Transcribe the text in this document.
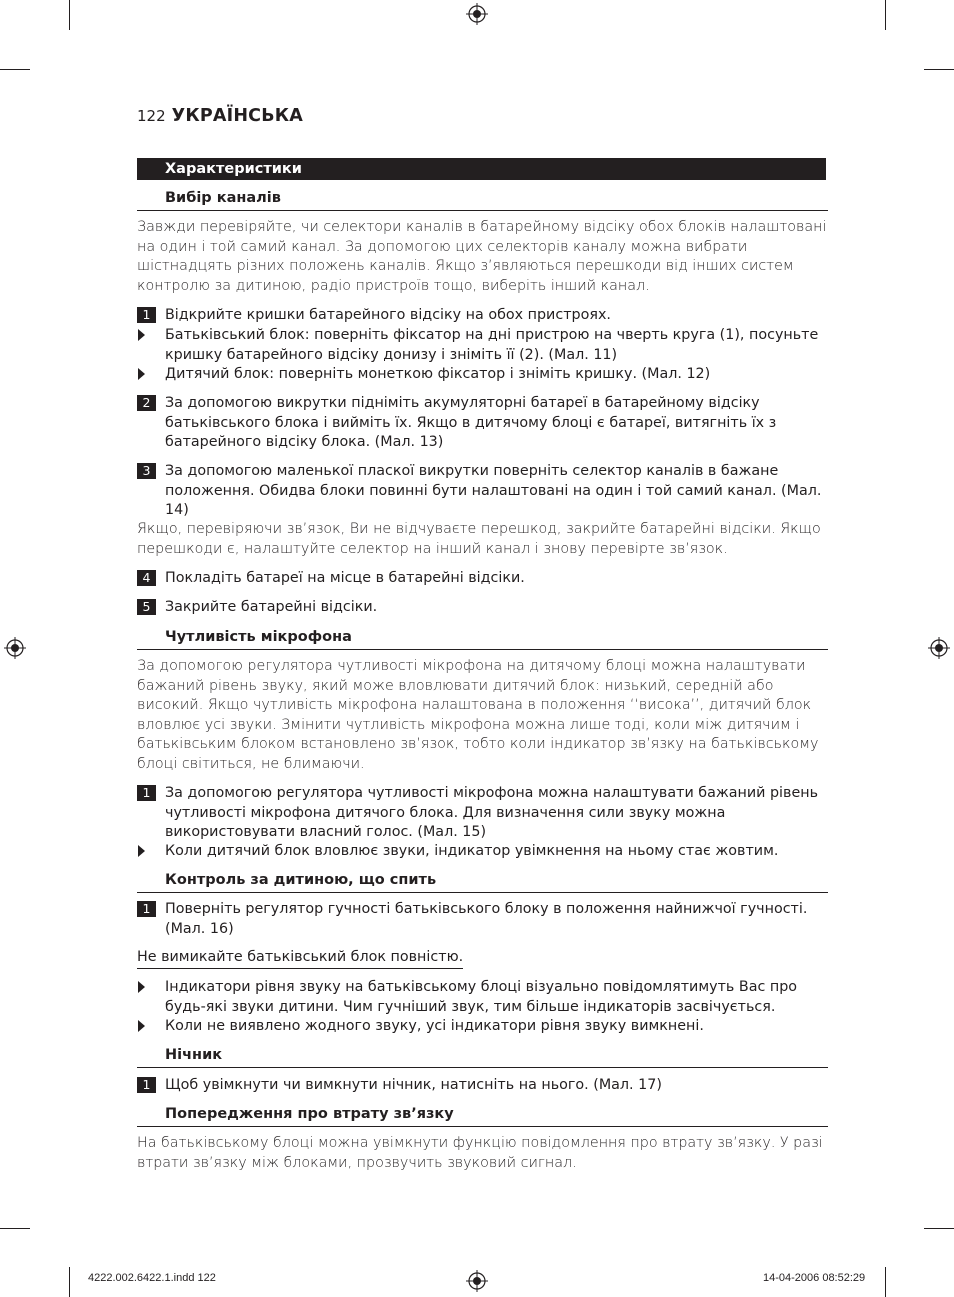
122 УКРАЇНСЬКА
Характеристики
Вибір каналів
Завжди перевіряйте, чи селектори каналів в батарейному відсіку обох блоків налаштовані на один і той самий канал. За допомогою цих селекторів каналу можна вибрати шістнадцять різних положень каналів. Якщо з’являються перешкоди від інших систем контролю за дитиною, радіо пристроїв тощо, виберіть інший канал.
1	Відкрийте кришки батарейного відсіку на обох пристроях.
Батьківський блок: поверніть фіксатор на дні пристрою на чверть круга (1), посуньте кришку батарейного відсіку донизу і зніміть її (2). (Мал. 11)
Дитячий блок: поверніть монеткою фіксатор і зніміть кришку. (Мал. 12)
2	За допомогою викрутки підніміть акумуляторні батареї в батарейному відсіку батьківського блока і вийміть їх. Якщо в дитячому блоці є батареї, витягніть їх з батарейного відсіку блока. (Мал. 13)
3	За допомогою маленької пласкої викрутки поверніть селектор каналів в бажане положення. Обидва блоки повинні бути налаштовані на один і той самий канал. (Мал. 14)
Якщо, перевіряючи зв’язок, Ви не відчуваєте перешкод, закрийте батарейні відсіки. Якщо перешкоди є, налаштуйте селектор на інший канал і знову перевірте зв’язок.
4	Покладіть батареї на місце в батарейні відсіки.
5	Закрийте батарейні відсіки.
Чутливість мікрофона
За допомогою регулятора чутливості мікрофона на дитячому блоці можна налаштувати бажаний рівень звуку, який може вловлювати дитячий блок: низький, середній або високий. Якщо чутливість мікрофона налаштована в положення ‘‘висока’’, дитячий блок вловлює усі звуки. Змінити чутливість мікрофона можна лише тоді, коли між дитячим і батьківським блоком встановлено зв’язок, тобто коли індикатор зв’язку на батьківському блоці світиться, не блимаючи.
1	За допомогою регулятора чутливості мікрофона можна налаштувати бажаний рівень чутливості мікрофона дитячого блока. Для визначення сили звуку можна використовувати власний голос. (Мал. 15)
Коли дитячий блок вловлює звуки, індикатор увімкнення на ньому стає жовтим.
Контроль за дитиною, що спить
1	Поверніть регулятор гучності батьківського блоку в положення найнижчої гучності. (Мал. 16)
Не вимикайте батьківський блок повністю.
Індикатори рівня звуку на батьківському блоці візуально повідомлятимуть Вас про будь-які звуки дитини. Чим гучніший звук, тим більше індикаторів засвічується.
Коли не виявлено жодного звуку, усі індикатори рівня звуку вимкнені.
Нічник
1	Щоб увімкнути чи вимкнути нічник, натисніть на нього. (Мал. 17)
Попередження про втрату зв’язку
На батьківському блоці можна увімкнути функцію повідомлення про втрату зв’язку. У разі втрати зв’язку між блоками, прозвучить звуковий сигнал.
4222.002.6422.1.indd 122	14-04-2006 08:52:29
